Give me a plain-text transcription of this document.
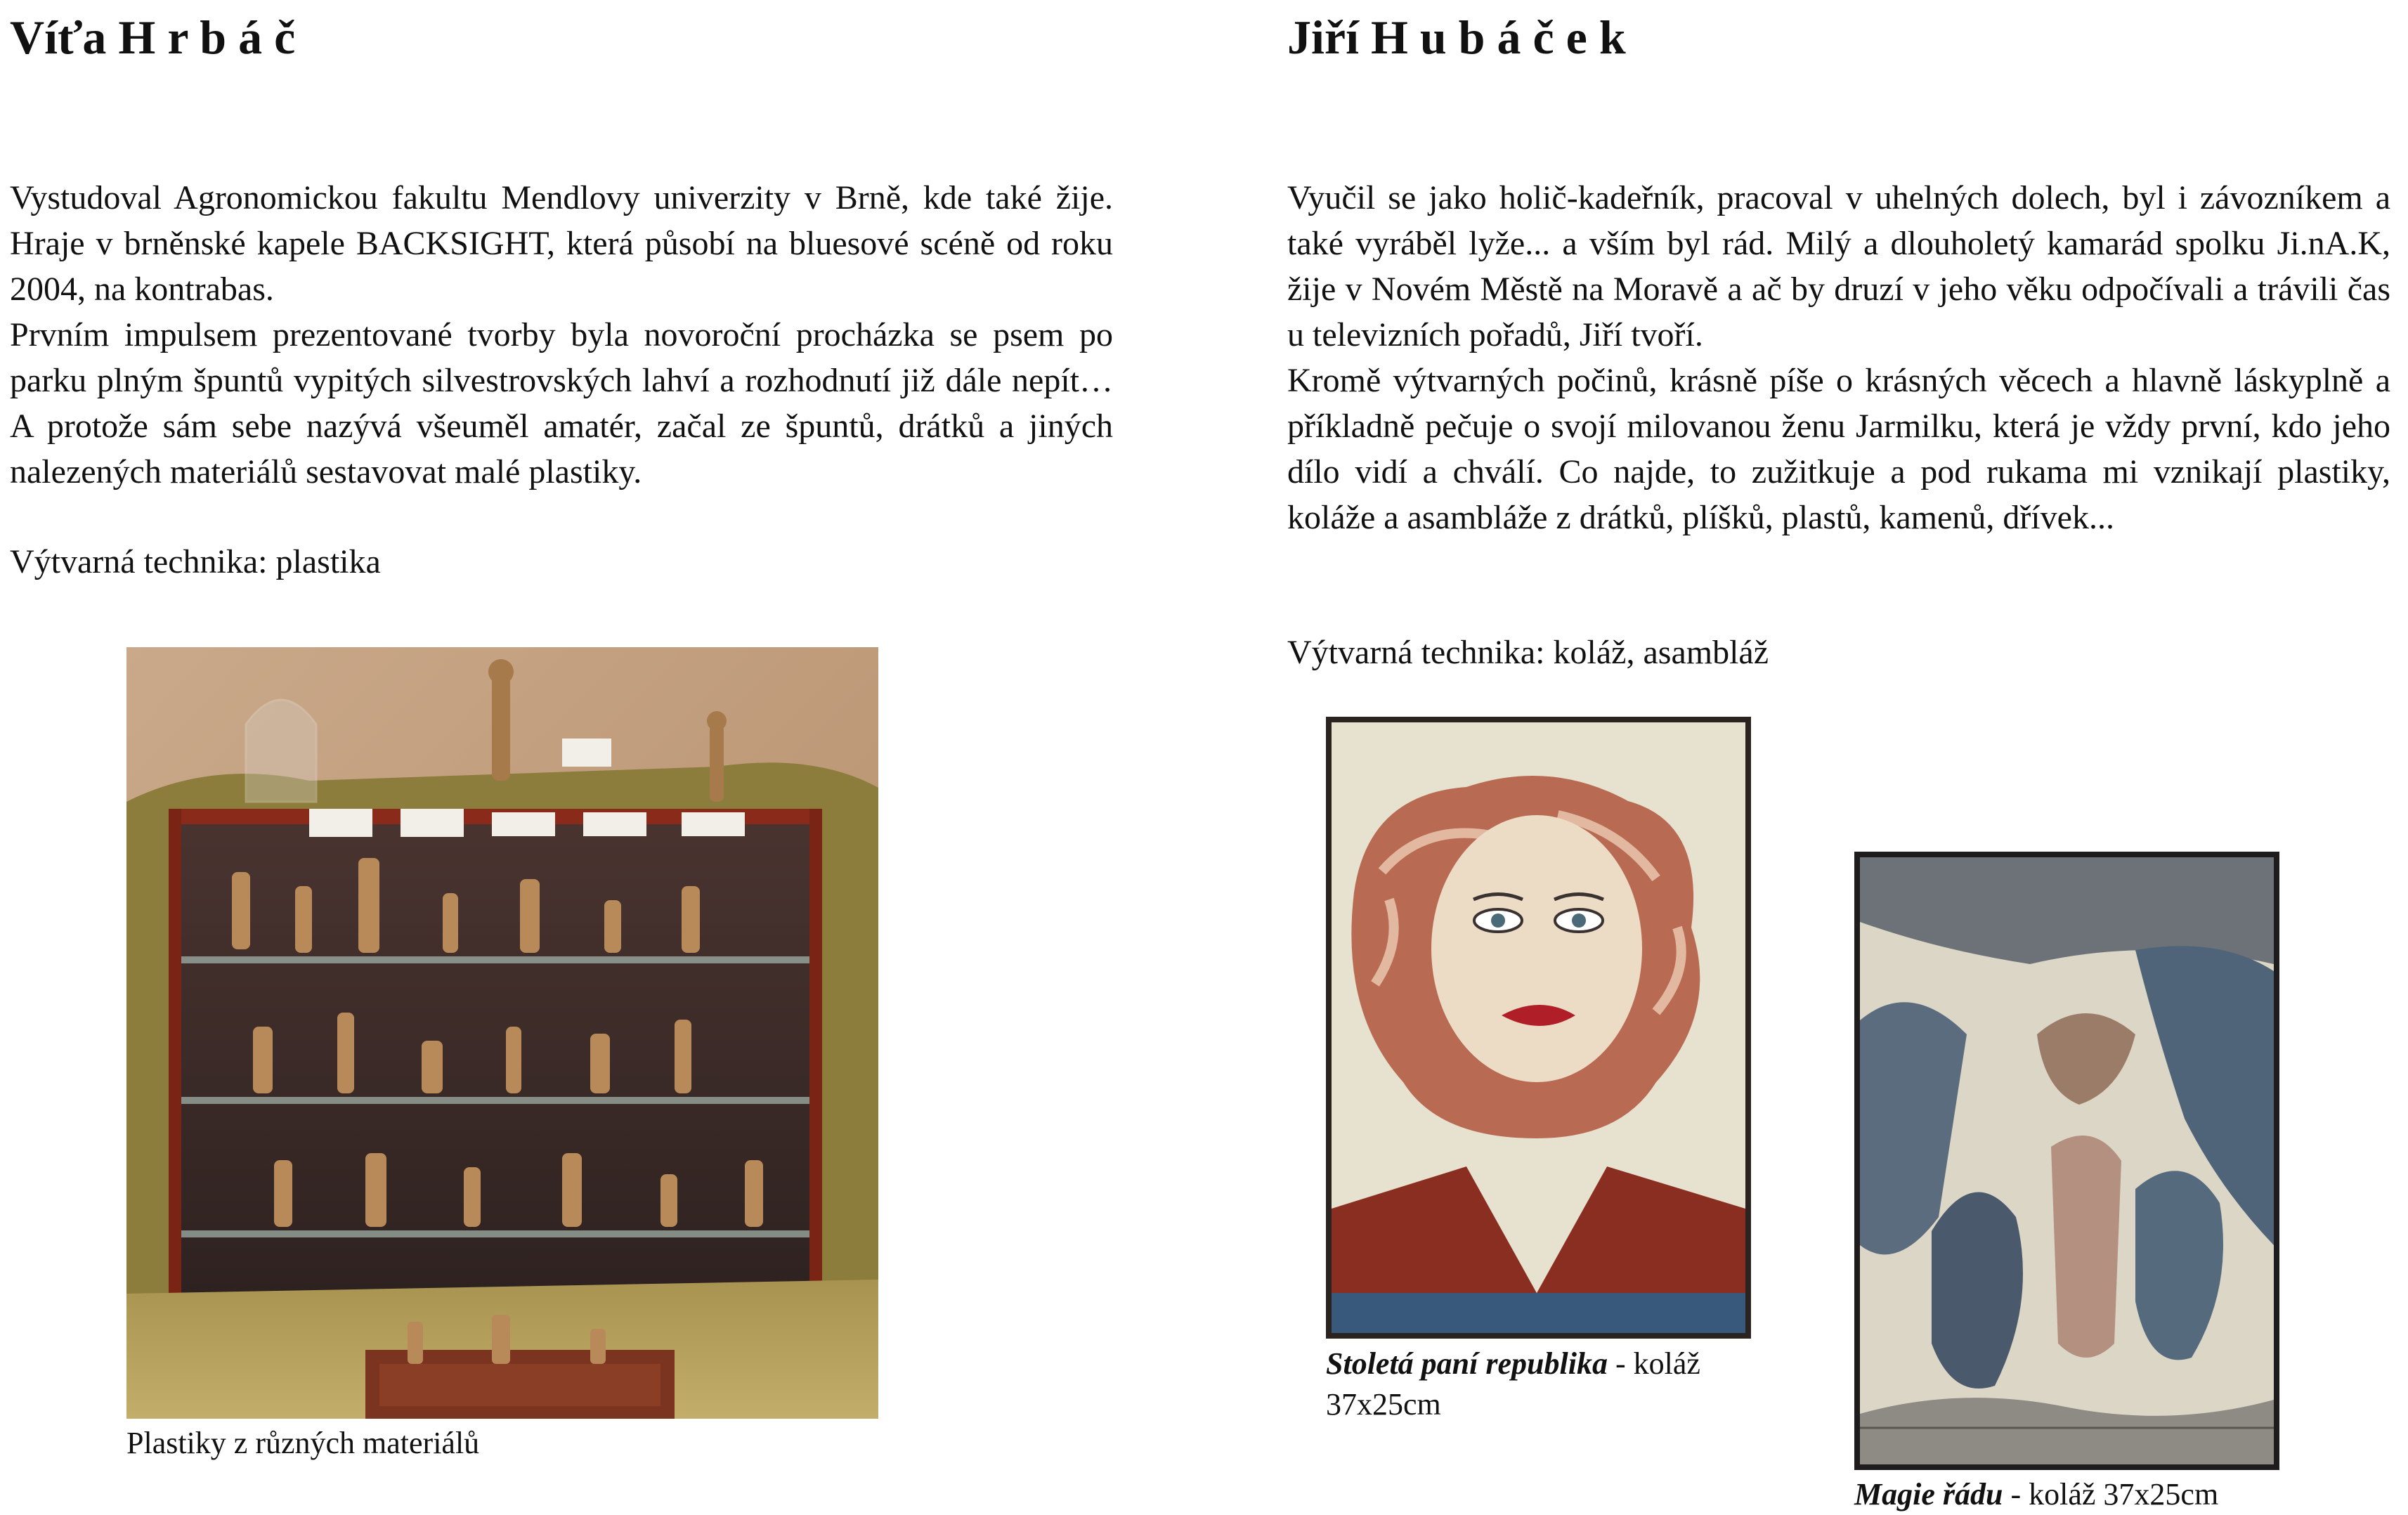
Víťa H r b á č

Vystudoval Agronomickou fakultu Mendlovy univerzity v Brně, kde také žije. Hraje v brněnské kapele BACKSIGHT, která působí na bluesové scéně od roku 2004, na kontrabas.

Prvním impulsem prezentované tvorby byla novoroční procházka se psem po parku plným špuntů vypitých silvestrovských lahví a rozhodnutí již dále nepít… A protože sám sebe nazývá všeuměl amatér, začal ze špuntů, drátků a jiných nalezených materiálů sestavovat malé plastiky.

Výtvarná technika: plastika

Plastiky z různých materiálů

Jiří H u b á č e k

Vyučil se jako holič-kadeřník, pracoval v uhelných dolech, byl i závozníkem a také vyráběl lyže... a vším byl rád. Milý a dlouholetý kamarád spolku Ji.nA.K, žije v Novém Městě na Moravě a ač by druzí v jeho věku odpočívali a trávili čas u televizních pořadů, Jiří tvoří.

Kromě výtvarných počinů, krásně píše o krásných věcech a hlavně láskyplně a příkladně pečuje o svojí milovanou ženu Jarmilku, která je vždy první, kdo jeho dílo vidí a chválí. Co najde, to zužitkuje a pod rukama mi vznikají plastiky, koláže a asambláže z drátků, plíšků, plastů, kamenů, dřívek...

Výtvarná technika: koláž, asambláž

Stoletá paní republika - koláž
37x25cm

Magie řádu - koláž 37x25cm
